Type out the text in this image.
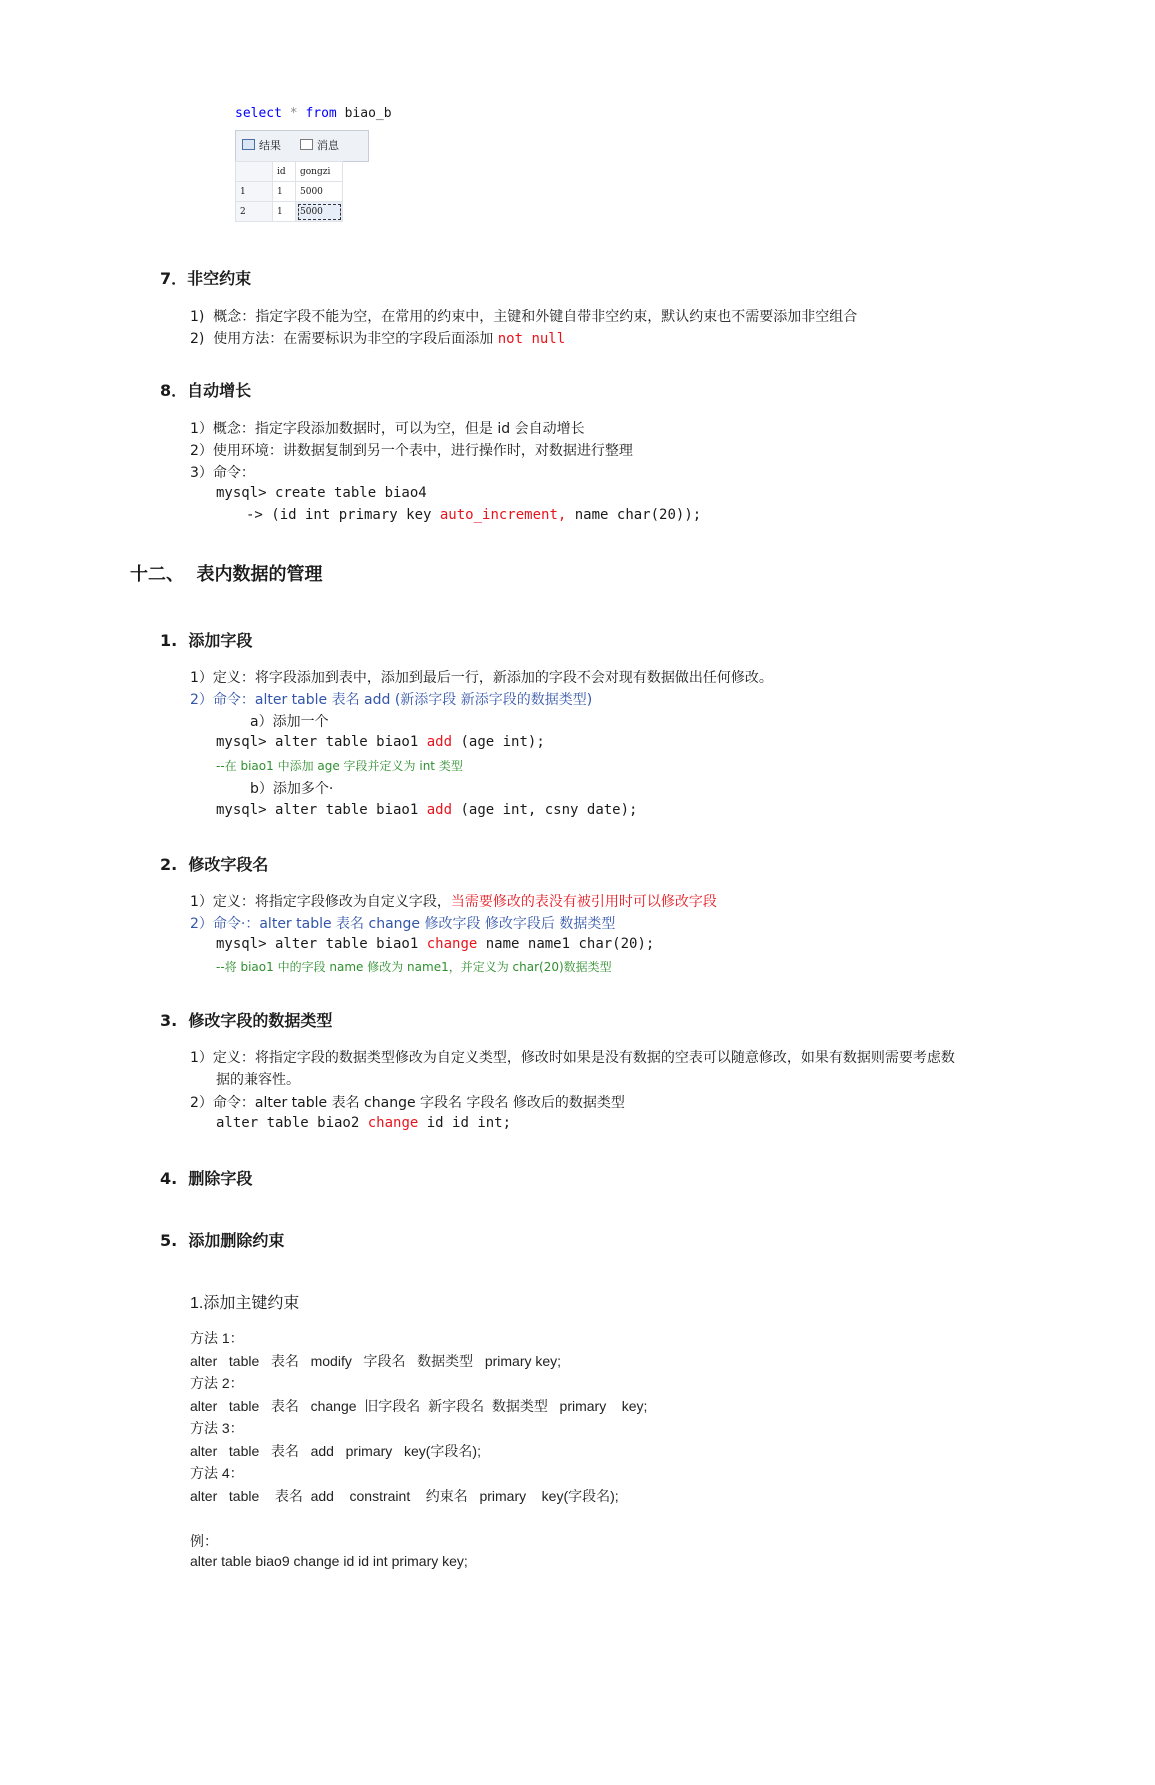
select * from biao_b
结果	消息
	id	gongzi
1	1	5000
2	1	5000
7．非空约束
1)  概念：指定字段不能为空，在常用的约束中，主键和外键自带非空约束，默认约束也不需要添加非空组合
2)  使用方法：在需要标识为非空的字段后面添加 not null
8．自动增长
1）概念：指定字段添加数据时，可以为空，但是 id 会自动增长
2）使用环境：讲数据复制到另一个表中，进行操作时，对数据进行整理
3）命令：
mysql> create table biao4
-> (id int primary key auto_increment, name char(20));
十二、  表内数据的管理
1.  添加字段
1）定义：将字段添加到表中，添加到最后一行，新添加的字段不会对现有数据做出任何修改。
2）命令：alter table 表名 add (新添字段 新添字段的数据类型)
a）添加一个
mysql> alter table biao1 add (age int);
--在 biao1 中添加 age 字段并定义为 int 类型
b）添加多个·
mysql> alter table biao1 add (age int, csny date);
2.  修改字段名
1）定义：将指定字段修改为自定义字段，当需要修改的表没有被引用时可以修改字段
2）命令·：alter table 表名 change 修改字段 修改字段后 数据类型
mysql> alter table biao1 change name name1 char(20);
--将 biao1 中的字段 name 修改为 name1，并定义为 char(20)数据类型
3.  修改字段的数据类型
1）定义：将指定字段的数据类型修改为自定义类型，修改时如果是没有数据的空表可以随意修改，如果有数据则需要考虑数
据的兼容性。
2）命令：alter table 表名 change 字段名 字段名 修改后的数据类型
alter table biao2 change id id int;
4.  删除字段
5.  添加删除约束
1.添加主键约束
方法 1：
alter   table   表名   modify   字段名   数据类型   primary key;
方法 2：
alter   table   表名   change  旧字段名  新字段名  数据类型   primary    key;
方法 3：
alter   table   表名   add   primary   key(字段名);
方法 4：
alter   table    表名  add    constraint    约束名   primary    key(字段名);
例：
alter table biao9 change id id int primary key;
